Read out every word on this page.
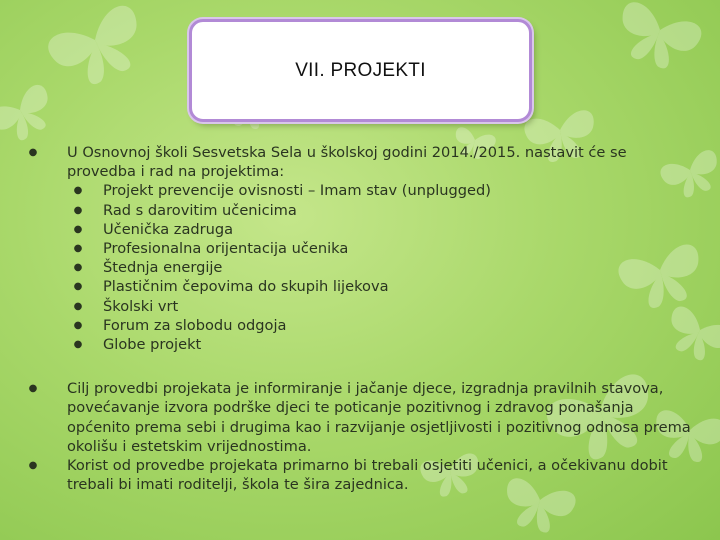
VII. PROJEKTI
● U Osnovnoj školi Sesvetska Sela u školskoj godini 2014./2015. nastavit će se provedba i rad na projektima:
● Projekt prevencije ovisnosti – Imam stav (unplugged)
● Rad s darovitim učenicima
● Učenička zadruga
● Profesionalna orijentacija učenika
● Štednja energije
● Plastičnim čepovima do skupih lijekova
● Školski vrt
● Forum za slobodu odgoja
● Globe projekt
● Cilj provedbi projekata je informiranje i jačanje djece, izgradnja pravilnih stavova, povećavanje izvora podrške djeci te poticanje pozitivnog i zdravog ponašanja općenito prema sebi i drugima kao i razvijanje osjetljivosti i pozitivnog odnosa prema okolišu i estetskim vrijednostima.
● Korist od provedbe projekata primarno bi trebali osjetiti učenici, a očekivanu dobit trebali bi imati roditelji, škola te šira zajednica.
